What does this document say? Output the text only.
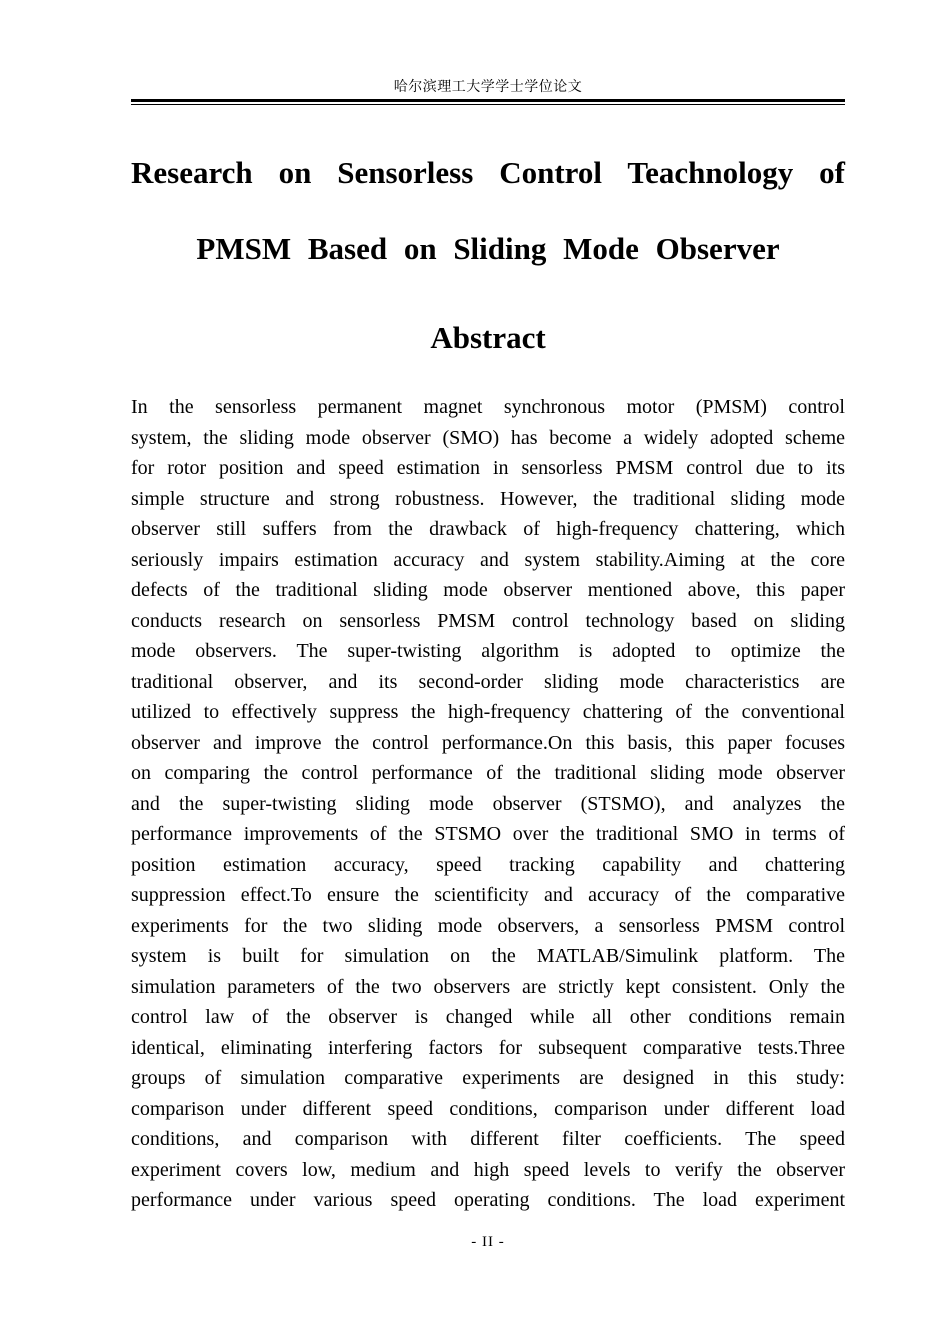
哈尔滨理工大学学士学位论文
Research on Sensorless Control Teachnology of
PMSM Based on Sliding Mode Observer
Abstract
In the sensorless permanent magnet synchronous motor (PMSM) control
system, the sliding mode observer (SMO) has become a widely adopted scheme
for rotor position and speed estimation in sensorless PMSM control due to its
simple structure and strong robustness. However, the traditional sliding mode
observer still suffers from the drawback of high-frequency chattering, which
seriously impairs estimation accuracy and system stability.Aiming at the core
defects of the traditional sliding mode observer mentioned above, this paper
conducts research on sensorless PMSM control technology based on sliding
mode observers. The super-twisting algorithm is adopted to optimize the
traditional observer, and its second-order sliding mode characteristics are
utilized to effectively suppress the high-frequency chattering of the conventional
observer and improve the control performance.On this basis, this paper focuses
on comparing the control performance of the traditional sliding mode observer
and the super-twisting sliding mode observer (STSMO), and analyzes the
performance improvements of the STSMO over the traditional SMO in terms of
position estimation accuracy, speed tracking capability and chattering
suppression effect.To ensure the scientificity and accuracy of the comparative
experiments for the two sliding mode observers, a sensorless PMSM control
system is built for simulation on the MATLAB/Simulink platform. The
simulation parameters of the two observers are strictly kept consistent. Only the
control law of the observer is changed while all other conditions remain
identical, eliminating interfering factors for subsequent comparative tests.Three
groups of simulation comparative experiments are designed in this study:
comparison under different speed conditions, comparison under different load
conditions, and comparison with different filter coefficients. The speed
experiment covers low, medium and high speed levels to verify the observer
performance under various speed operating conditions. The load experiment
- II -
